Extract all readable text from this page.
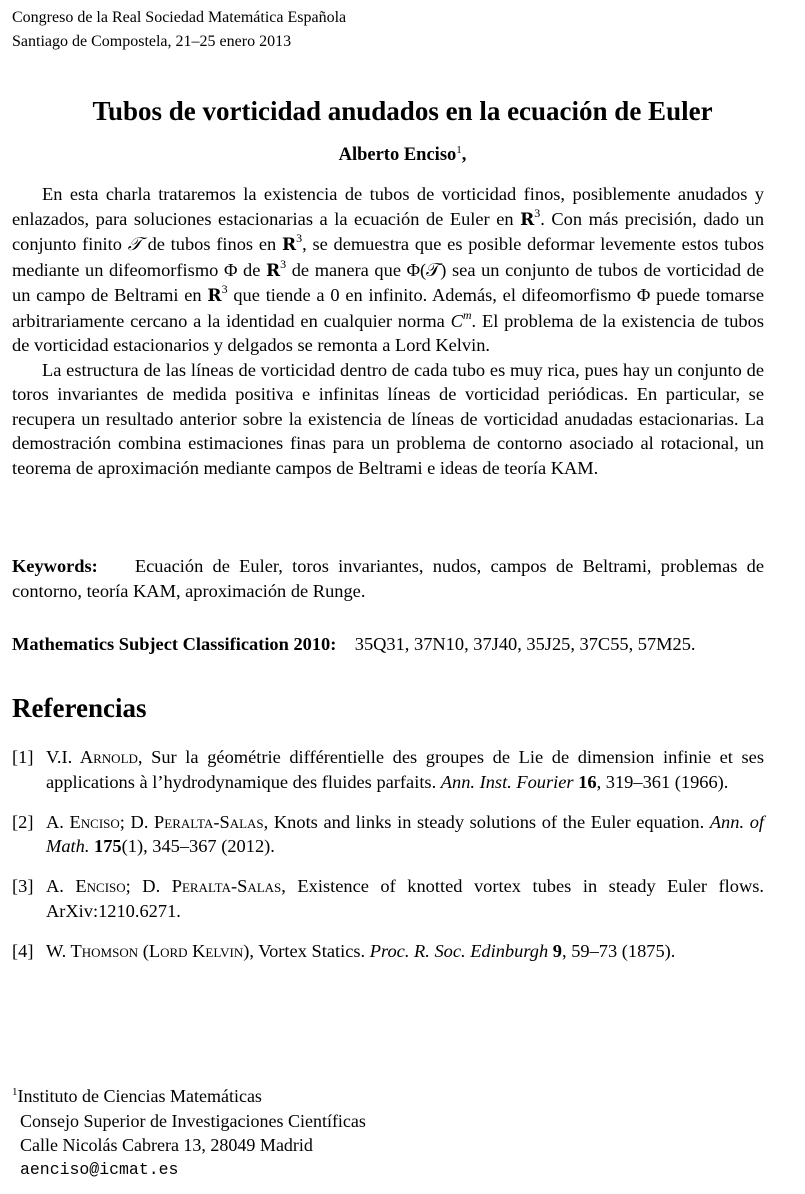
Congreso de la Real Sociedad Matemática Española
Santiago de Compostela, 21–25 enero 2013
Tubos de vorticidad anudados en la ecuación de Euler
Alberto Enciso$^1$,

En esta charla trataremos la existencia de tubos de vorticidad finos, posiblemente anudados y enlazados, para soluciones estacionarias a la ecuación de Euler en $R^3$. Con más precisión, dado un conjunto finito 𝒯 de tubos finos en $R^3$, se demuestra que es posible deformar levemente estos tubos mediante un difeomorfismo Φ de $R^3$ de manera que Φ(𝒯) sea un conjunto de tubos de vorticidad de un campo de Beltrami en $R^3$ que tiende a 0 en infinito. Además, el difeomorfismo Φ puede tomarse arbitrariamente cercano a la identidad en cualquier norma $C^m$. El problema de la existencia de tubos de vorticidad estacionarios y delgados se remonta a Lord Kelvin.

La estructura de las líneas de vorticidad dentro de cada tubo es muy rica, pues hay un conjunto de toros invariantes de medida positiva e infinitas líneas de vorticidad periódicas. En particular, se recupera un resultado anterior sobre la existencia de líneas de vorticidad anudadas estacionarias. La demostración combina estimaciones finas para un problema de contorno asociado al rotacional, un teorema de aproximación mediante campos de Beltrami e ideas de teoría KAM.

Keywords: Ecuación de Euler, toros invariantes, nudos, campos de Beltrami, problemas de contorno, teoría KAM, aproximación de Runge.
Mathematics Subject Classification 2010: 35Q31, 37N10, 37J40, 35J25, 37C55, 57M25.
Referencias
[1] V.I. Arnold, Sur la géométrie différentielle des groupes de Lie de dimension infinie et ses applications à l’hydrodynamique des fluides parfaits. Ann. Inst. Fourier 16, 319–361 (1966).
[2] A. Enciso; D. Peralta-Salas, Knots and links in steady solutions of the Euler equation. Ann. of Math. 175(1), 345–367 (2012).
[3] A. Enciso; D. Peralta-Salas, Existence of knotted vortex tubes in steady Euler flows. ArXiv:1210.6271.
[4] W. Thomson (Lord Kelvin), Vortex Statics. Proc. R. Soc. Edinburgh 9, 59–73 (1875).
$^1$Instituto de Ciencias Matemáticas
Consejo Superior de Investigaciones Científicas
Calle Nicolás Cabrera 13, 28049 Madrid
aenciso@icmat.es
